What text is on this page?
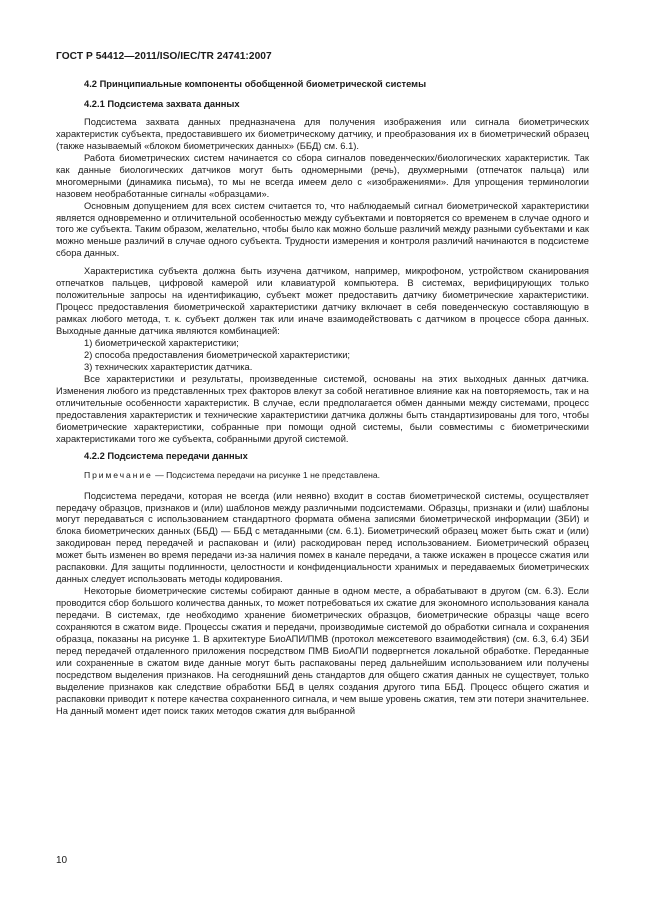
ГОСТ Р 54412—2011/ISO/IEC/TR 24741:2007

4.2 Принципиальные компоненты обобщенной биометрической системы

4.2.1 Подсистема захвата данных

Подсистема захвата данных предназначена для получения изображения или сигнала биометрических характеристик субъекта, предоставившего их биометрическому датчику, и преобразования их в биометрический образец (также называемый «блоком биометрических данных» (ББД) см. 6.1).

Работа биометрических систем начинается со сбора сигналов поведенческих/биологических характеристик. Так как данные биологических датчиков могут быть одномерными (речь), двухмерными (отпечаток пальца) или многомерными (динамика письма), то мы не всегда имеем дело с «изображениями». Для упрощения терминологии назовем необработанные сигналы «образцами».

Основным допущением для всех систем считается то, что наблюдаемый сигнал биометрической характеристики является одновременно и отличительной особенностью между субъектами и повторяется со временем в случае одного и того же субъекта. Таким образом, желательно, чтобы было как можно больше различий между разными субъектами и как можно меньше различий в случае одного субъекта. Трудности измерения и контроля различий начинаются в подсистеме сбора данных.

Характеристика субъекта должна быть изучена датчиком, например, микрофоном, устройством сканирования отпечатков пальцев, цифровой камерой или клавиатурой компьютера. В системах, верифицирующих только положительные запросы на идентификацию, субъект может предоставить датчику биометрические характеристики. Процесс предоставления биометрической характеристики датчику включает в себя поведенческую составляющую в рамках любого метода, т. к. субъект должен так или иначе взаимодействовать с датчиком в процессе сбора данных. Выходные данные датчика являются комбинацией:

1) биометрической характеристики;

2) способа предоставления биометрической характеристики;

3) технических характеристик датчика.

Все характеристики и результаты, произведенные системой, основаны на этих выходных данных датчика. Изменения любого из представленных трех факторов влекут за собой негативное влияние как на повторяемость, так и на отличительные особенности характеристик. В случае, если предполагается обмен данными между системами, процесс предоставления характеристик и технические характеристики датчика должны быть стандартизированы для того, чтобы биометрические характеристики, собранные при помощи одной системы, были совместимы с биометрическими характеристиками того же субъекта, собранными другой системой.

4.2.2 Подсистема передачи данных

Примечание — Подсистема передачи на рисунке 1 не представлена.

Подсистема передачи, которая не всегда (или неявно) входит в состав биометрической системы, осуществляет передачу образцов, признаков и (или) шаблонов между различными подсистемами. Образцы, признаки и (или) шаблоны могут передаваться с использованием стандартного формата обмена записями биометрической информации (ЗБИ) и блока биометрических данных (ББД) — ББД с метаданными (см. 6.1). Биометрический образец может быть сжат и (или) закодирован перед передачей и распакован и (или) раскодирован перед использованием. Биометрический образец может быть изменен во время передачи из-за наличия помех в канале передачи, а также искажен в процессе сжатия или распаковки. Для защиты подлинности, целостности и конфиденциальности хранимых и передаваемых биометрических данных следует использовать методы кодирования.

Некоторые биометрические системы собирают данные в одном месте, а обрабатывают в другом (см. 6.3). Если проводится сбор большого количества данных, то может потребоваться их сжатие для экономного использования канала передачи. В системах, где необходимо хранение биометрических образцов, биометрические образцы чаще всего сохраняются в сжатом виде. Процессы сжатия и передачи, производимые системой до обработки сигнала и сохранения образца, показаны на рисунке 1. В архитектуре БиоАПИ/ПМВ (протокол межсетевого взаимодействия) (см. 6.3, 6.4) ЗБИ перед передачей отдаленного приложения посредством ПМВ БиоАПИ подвергнется локальной обработке. Переданные или сохраненные в сжатом виде данные могут быть распакованы перед дальнейшим использованием или получены посредством выделения признаков. На сегодняшний день стандартов для общего сжатия данных не существует, только выделение признаков как следствие обработки ББД в целях создания другого типа ББД. Процесс общего сжатия и распаковки приводит к потере качества сохраненного сигнала, и чем выше уровень сжатия, тем эти потери значительнее. На данный момент идет поиск таких методов сжатия для выбранной

10
